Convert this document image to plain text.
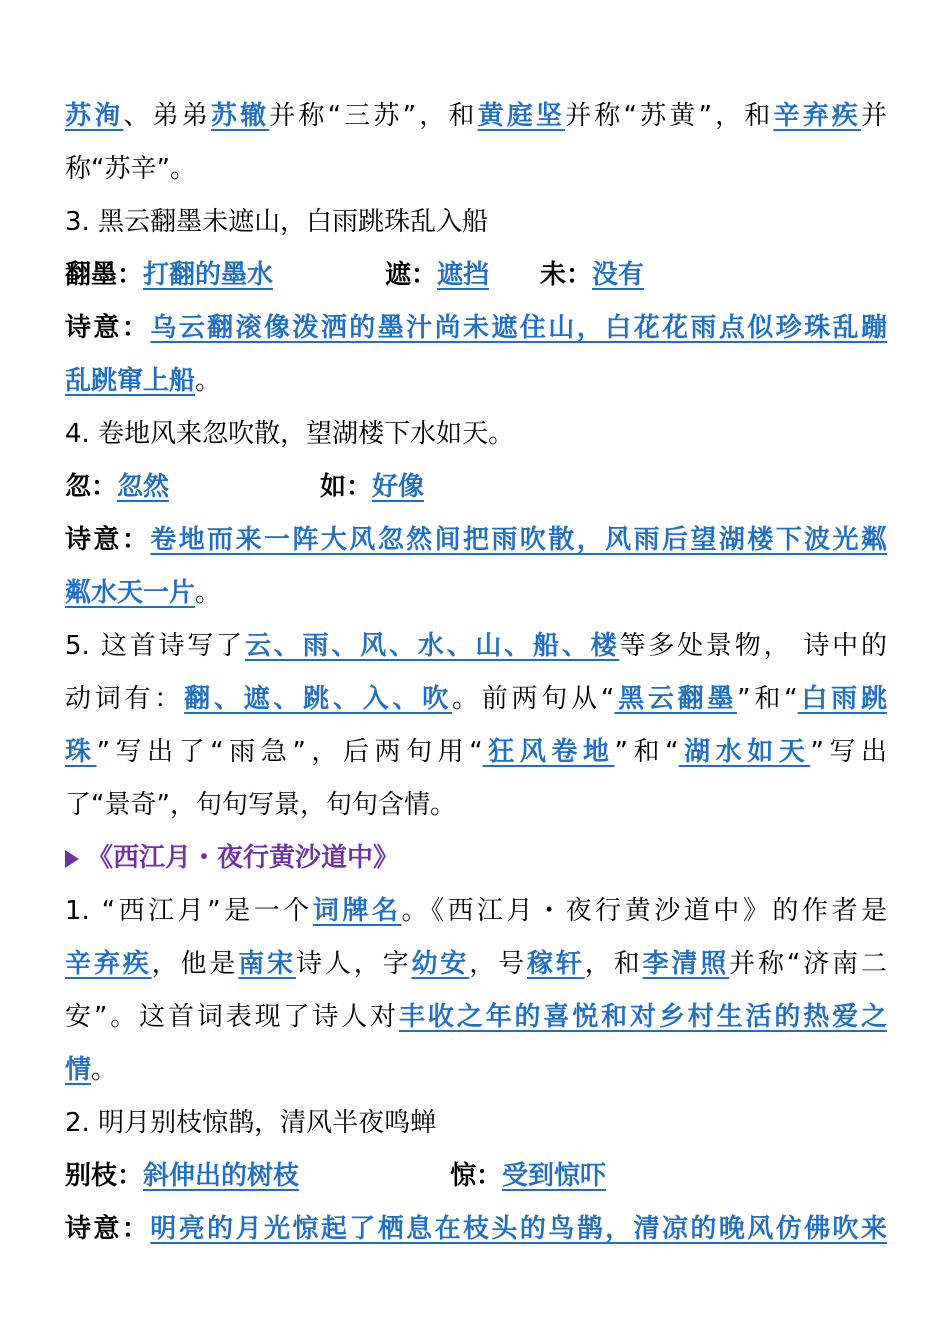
苏洵、弟弟苏辙并称“三苏”，和黄庭坚并称“苏黄”，和辛弃疾并
称“苏辛”。
3. 黑云翻墨未遮山，白雨跳珠乱入船
翻墨：打翻的墨水	遮：遮挡 未：没有
诗意：乌云翻滚像泼洒的墨汁尚未遮住山，白花花雨点似珍珠乱蹦
乱跳窜上船。
4. 卷地风来忽吹散，望湖楼下水如天。
忽：忽然	如：好像
诗意：卷地而来一阵大风忽然间把雨吹散，风雨后望湖楼下波光粼
粼水天一片。
5. 这首诗写了云、雨、风、水、山、船、楼等多处景物， 诗中的
动词有：翻、遮、跳、入、吹。前两句从“黑云翻墨”和“白雨跳
珠”写出了“雨急”，后两句用“狂风卷地”和“湖水如天”写出
了“景奇”，句句写景，句句含情。
《西江月・夜行黄沙道中》
1. “西江月”是一个词牌名。《西江月・夜行黄沙道中》的作者是
辛弃疾，他是南宋诗人，字幼安，号稼轩，和李清照并称“济南二
安”。这首词表现了诗人对丰收之年的喜悦和对乡村生活的热爱之
情。
2. 明月别枝惊鹊，清风半夜鸣蝉
别枝：斜伸出的树枝	惊：受到惊吓
诗意：明亮的月光惊起了栖息在枝头的鸟鹊，清凉的晚风仿佛吹来
